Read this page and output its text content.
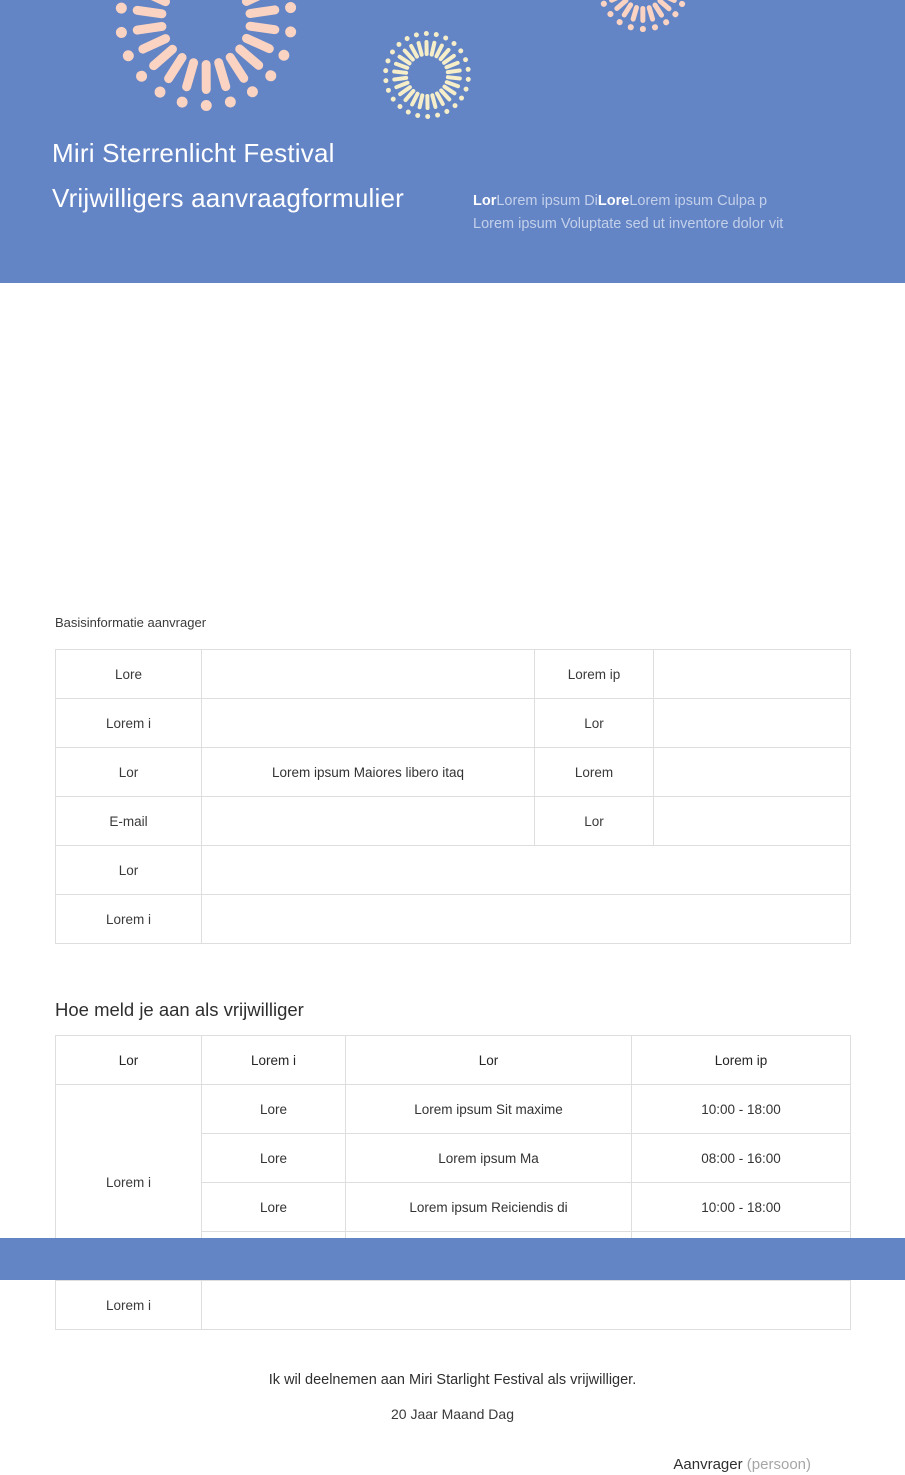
Miri Sterrenlicht Festival
Vrijwilligers aanvraagformulier	LorLorem ipsum DiLoreLorem ipsum Culpa p
Lorem ipsum Voluptate sed ut inventore dolor vit
Basisinformatie aanvrager
Lore		Lorem ip	
Lorem i		Lor	
Lor	Lorem ipsum Maiores libero itaq	Lorem	
E-mail		Lor	
Lor			
Lorem i			
Hoe meld je aan als vrijwilliger
Lor	Lorem i	Lor	Lorem ip
Lorem i	Lore	Lorem ipsum Sit maxime	10:00 - 18:00
	Lore	Lorem ipsum Ma	08:00 - 16:00
	Lore	Lorem ipsum Reiciendis di	10:00 - 18:00

Lorem i			
Ik wil deelnemen aan Miri Starlight Festival als vrijwilliger.
20 Jaar Maand Dag
Aanvrager (persoon)
